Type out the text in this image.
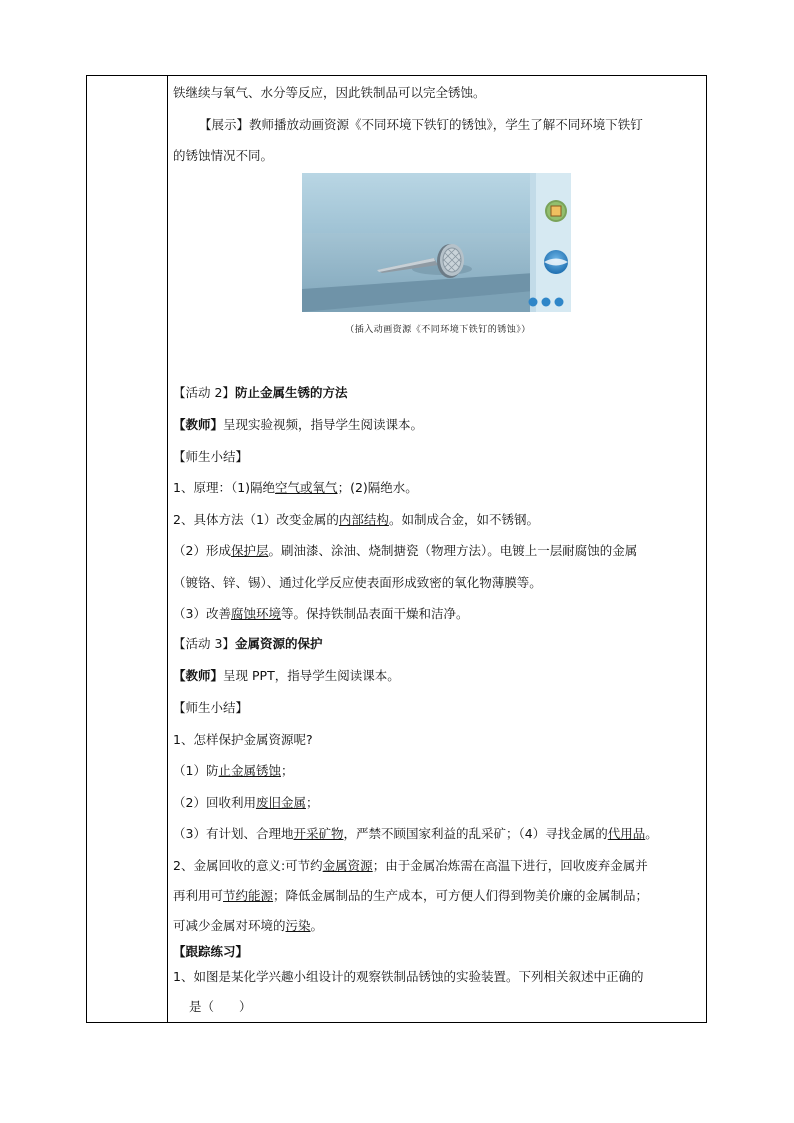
铁继续与氧气、水分等反应，因此铁制品可以完全锈蚀。
【展示】教师播放动画资源《不同环境下铁钉的锈蚀》，学生了解不同环境下铁钉
的锈蚀情况不同。
（插入动画资源《不同环境下铁钉的锈蚀》）
【活动 2】防止金属生锈的方法
【教师】呈现实验视频，指导学生阅读课本。
【师生小结】
1、原理：（1)隔绝空气或氧气；(2)隔绝水。
2、具体方法（1）改变金属的内部结构。如制成合金，如不锈钢。
（2）形成保护层。刷油漆、涂油、烧制搪瓷（物理方法）。电镀上一层耐腐蚀的金属
（镀铬、锌、锡）、通过化学反应使表面形成致密的氧化物薄膜等。
（3）改善腐蚀环境等。保持铁制品表面干燥和洁净。
【活动 3】金属资源的保护
【教师】呈现 PPT，指导学生阅读课本。
【师生小结】
1、怎样保护金属资源呢?
（1）防止金属锈蚀；
（2）回收利用废旧金属；
（3）有计划、合理地开采矿物，严禁不顾国家利益的乱采矿；（4）寻找金属的代用品。
2、金属回收的意义:可节约金属资源；由于金属冶炼需在高温下进行，回收废弃金属并
再利用可节约能源；降低金属制品的生产成本，可方便人们得到物美价廉的金属制品；
可减少金属对环境的污染。
【跟踪练习】
1、如图是某化学兴趣小组设计的观察铁制品锈蚀的实验装置。下列相关叙述中正确的
是（　　）
